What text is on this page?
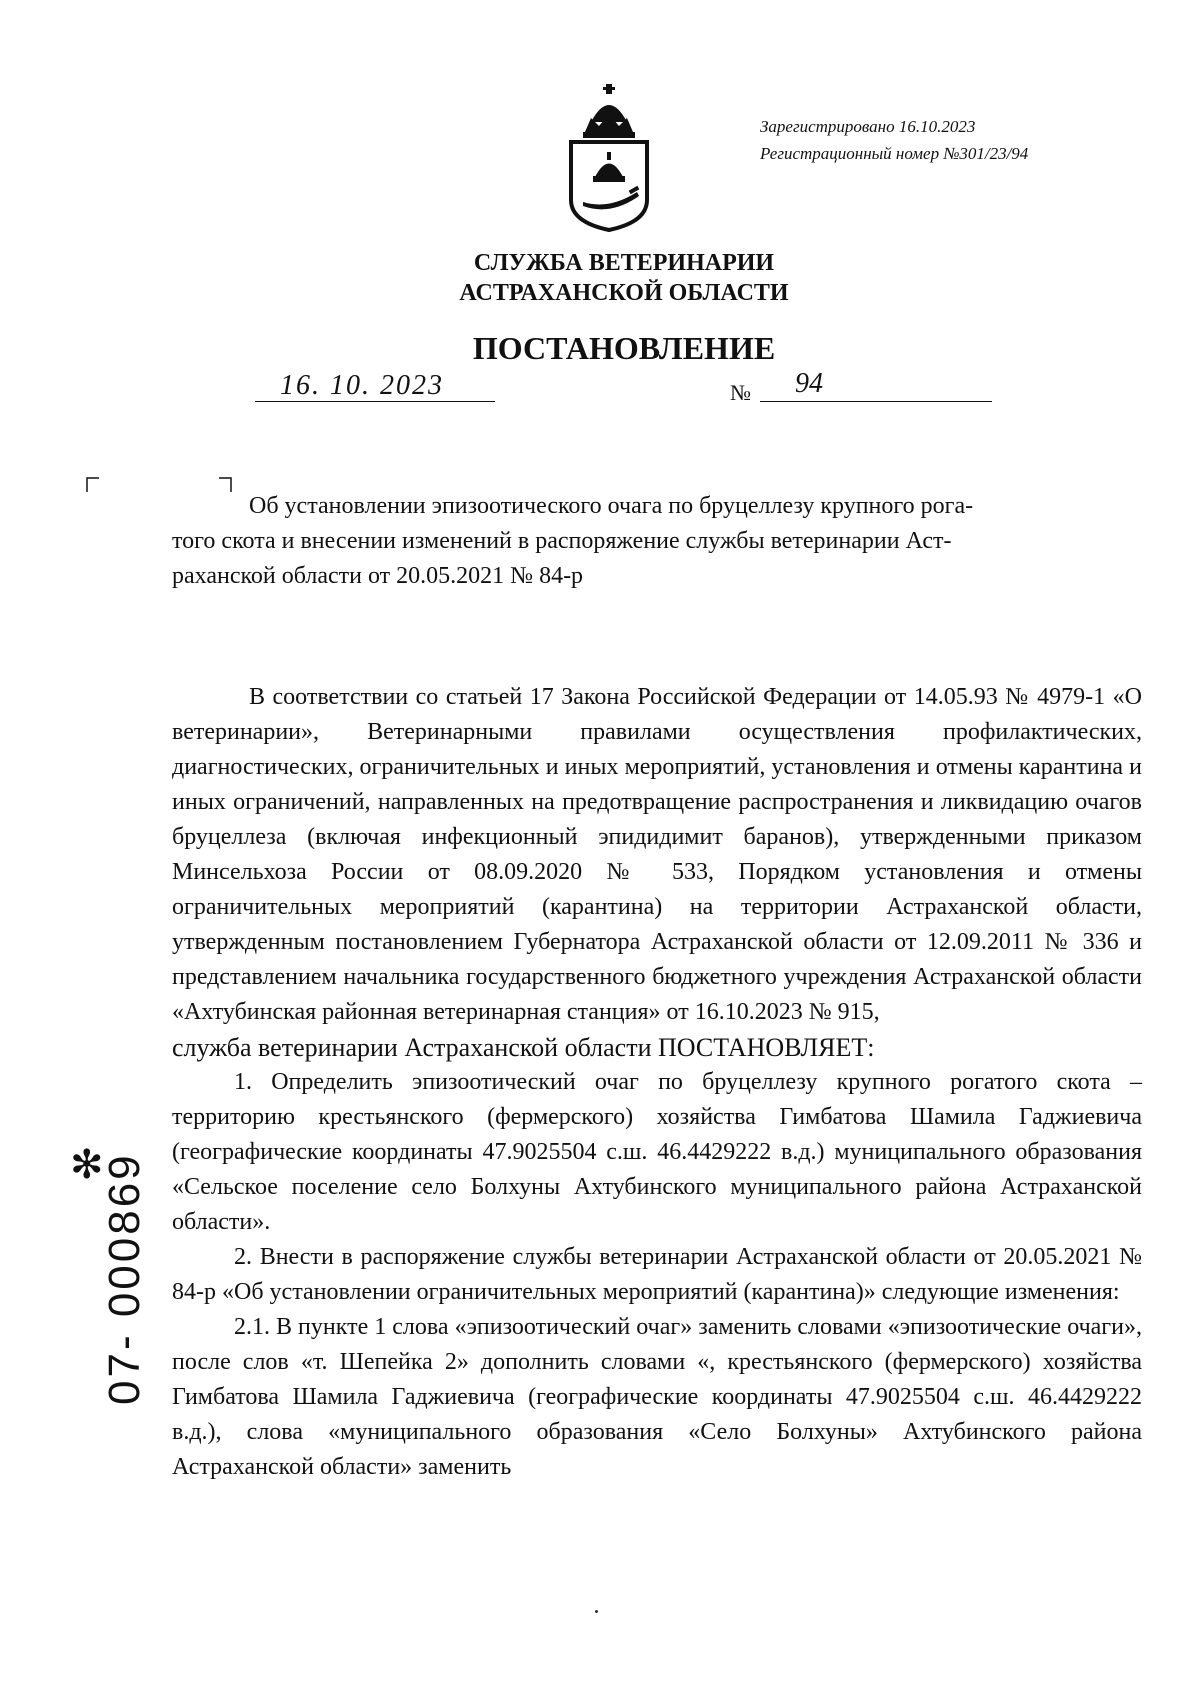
Зарегистрировано 16.10.2023
Регистрационный номер №301/23/94
СЛУЖБА ВЕТЕРИНАРИИ
АСТРАХАНСКОЙ ОБЛАСТИ
ПОСТАНОВЛЕНИЕ
16. 10. 2023	№ 94
Об установлении эпизоотического очага по бруцеллезу крупного рога-
того скота и внесении изменений в распоряжение службы ветеринарии Аст-
раханской области от 20.05.2021 № 84-р

В соответствии со статьей 17 Закона Российской Федерации от 14.05.93 № 4979-1 «О ветеринарии», Ветеринарными правилами осуществления профилактических, диагностических, ограничительных и иных мероприятий, установления и отмены карантина и иных ограничений, направленных на предотвращение распространения и ликвидацию очагов бруцеллеза (включая инфекционный эпидидимит баранов), утвержденными приказом Минсельхоза России от 08.09.2020 № 533, Порядком установления и отмены ограничительных мероприятий (карантина) на территории Астраханской области, утвержденным постановлением Губернатора Астраханской области от 12.09.2011 № 336 и представлением начальника государственного бюджетного учреждения Астраханской области «Ахтубинская районная ветеринарная станция» от 16.10.2023 № 915,

служба ветеринарии Астраханской области ПОСТАНОВЛЯЕТ:

1. Определить эпизоотический очаг по бруцеллезу крупного рогатого скота – территорию крестьянского (фермерского) хозяйства Гимбатова Шамила Гаджиевича (географические координаты 47.9025504 с.ш. 46.4429222 в.д.) муниципального образования «Сельское поселение село Болхуны Ахтубинского муниципального района Астраханской области».

2. Внести в распоряжение службы ветеринарии Астраханской области от 20.05.2021 № 84-р «Об установлении ограничительных мероприятий (карантина)» следующие изменения:

2.1. В пункте 1 слова «эпизоотический очаг» заменить словами «эпизоотические очаги», после слов «т. Шепейка 2» дополнить словами «, крестьянского (фермерского) хозяйства Гимбатова Шамила Гаджиевича (географические координаты 47.9025504 с.ш. 46.4429222 в.д.), слова «муниципального образования «Село Болхуны» Ахтубинского района Астраханской области» заменить

✻
07- 000869
